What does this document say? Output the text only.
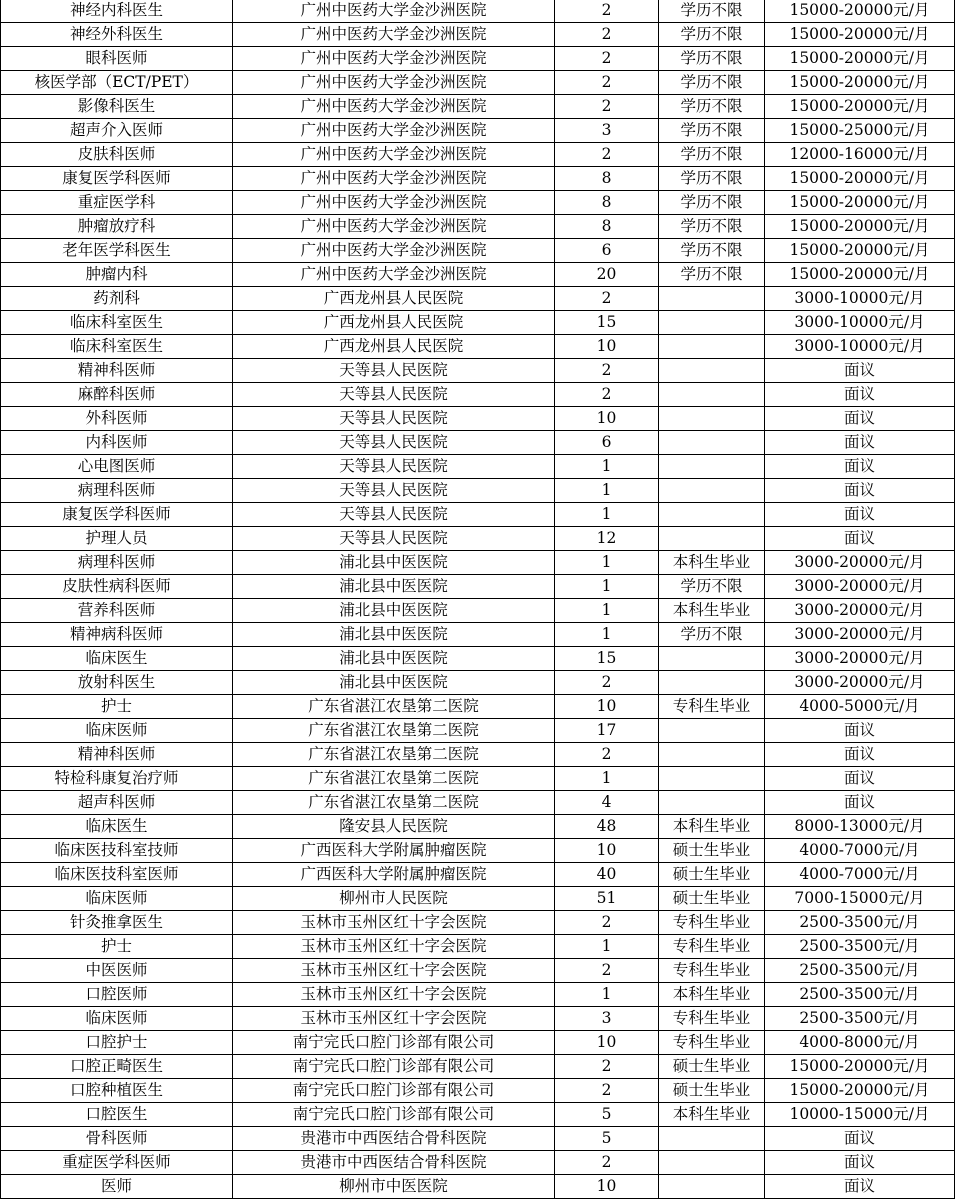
神经内科医生	广州中医药大学金沙洲医院	2	学历不限	15000-20000元/月
神经外科医生	广州中医药大学金沙洲医院	2	学历不限	15000-20000元/月
眼科医师	广州中医药大学金沙洲医院	2	学历不限	15000-20000元/月
核医学部（ECT/PET）	广州中医药大学金沙洲医院	2	学历不限	15000-20000元/月
影像科医生	广州中医药大学金沙洲医院	2	学历不限	15000-20000元/月
超声介入医师	广州中医药大学金沙洲医院	3	学历不限	15000-25000元/月
皮肤科医师	广州中医药大学金沙洲医院	2	学历不限	12000-16000元/月
康复医学科医师	广州中医药大学金沙洲医院	8	学历不限	15000-20000元/月
重症医学科	广州中医药大学金沙洲医院	8	学历不限	15000-20000元/月
肿瘤放疗科	广州中医药大学金沙洲医院	8	学历不限	15000-20000元/月
老年医学科医生	广州中医药大学金沙洲医院	6	学历不限	15000-20000元/月
肿瘤内科	广州中医药大学金沙洲医院	20	学历不限	15000-20000元/月
药剂科	广西龙州县人民医院	2		3000-10000元/月
临床科室医生	广西龙州县人民医院	15		3000-10000元/月
临床科室医生	广西龙州县人民医院	10		3000-10000元/月
精神科医师	天等县人民医院	2		面议
麻醉科医师	天等县人民医院	2		面议
外科医师	天等县人民医院	10		面议
内科医师	天等县人民医院	6		面议
心电图医师	天等县人民医院	1		面议
病理科医师	天等县人民医院	1		面议
康复医学科医师	天等县人民医院	1		面议
护理人员	天等县人民医院	12		面议
病理科医师	浦北县中医医院	1	本科生毕业	3000-20000元/月
皮肤性病科医师	浦北县中医医院	1	学历不限	3000-20000元/月
营养科医师	浦北县中医医院	1	本科生毕业	3000-20000元/月
精神病科医师	浦北县中医医院	1	学历不限	3000-20000元/月
临床医生	浦北县中医医院	15		3000-20000元/月
放射科医生	浦北县中医医院	2		3000-20000元/月
护士	广东省湛江农垦第二医院	10	专科生毕业	4000-5000元/月
临床医师	广东省湛江农垦第二医院	17		面议
精神科医师	广东省湛江农垦第二医院	2		面议
特检科康复治疗师	广东省湛江农垦第二医院	1		面议
超声科医师	广东省湛江农垦第二医院	4		面议
临床医生	隆安县人民医院	48	本科生毕业	8000-13000元/月
临床医技科室技师	广西医科大学附属肿瘤医院	10	硕士生毕业	4000-7000元/月
临床医技科室医师	广西医科大学附属肿瘤医院	40	硕士生毕业	4000-7000元/月
临床医师	柳州市人民医院	51	硕士生毕业	7000-15000元/月
针灸推拿医生	玉林市玉州区红十字会医院	2	专科生毕业	2500-3500元/月
护士	玉林市玉州区红十字会医院	1	专科生毕业	2500-3500元/月
中医医师	玉林市玉州区红十字会医院	2	专科生毕业	2500-3500元/月
口腔医师	玉林市玉州区红十字会医院	1	本科生毕业	2500-3500元/月
临床医师	玉林市玉州区红十字会医院	3	专科生毕业	2500-3500元/月
口腔护士	南宁完氏口腔门诊部有限公司	10	专科生毕业	4000-8000元/月
口腔正畸医生	南宁完氏口腔门诊部有限公司	2	硕士生毕业	15000-20000元/月
口腔种植医生	南宁完氏口腔门诊部有限公司	2	硕士生毕业	15000-20000元/月
口腔医生	南宁完氏口腔门诊部有限公司	5	本科生毕业	10000-15000元/月
骨科医师	贵港市中西医结合骨科医院	5		面议
重症医学科医师	贵港市中西医结合骨科医院	2		面议
医师	柳州市中医医院	10		面议
